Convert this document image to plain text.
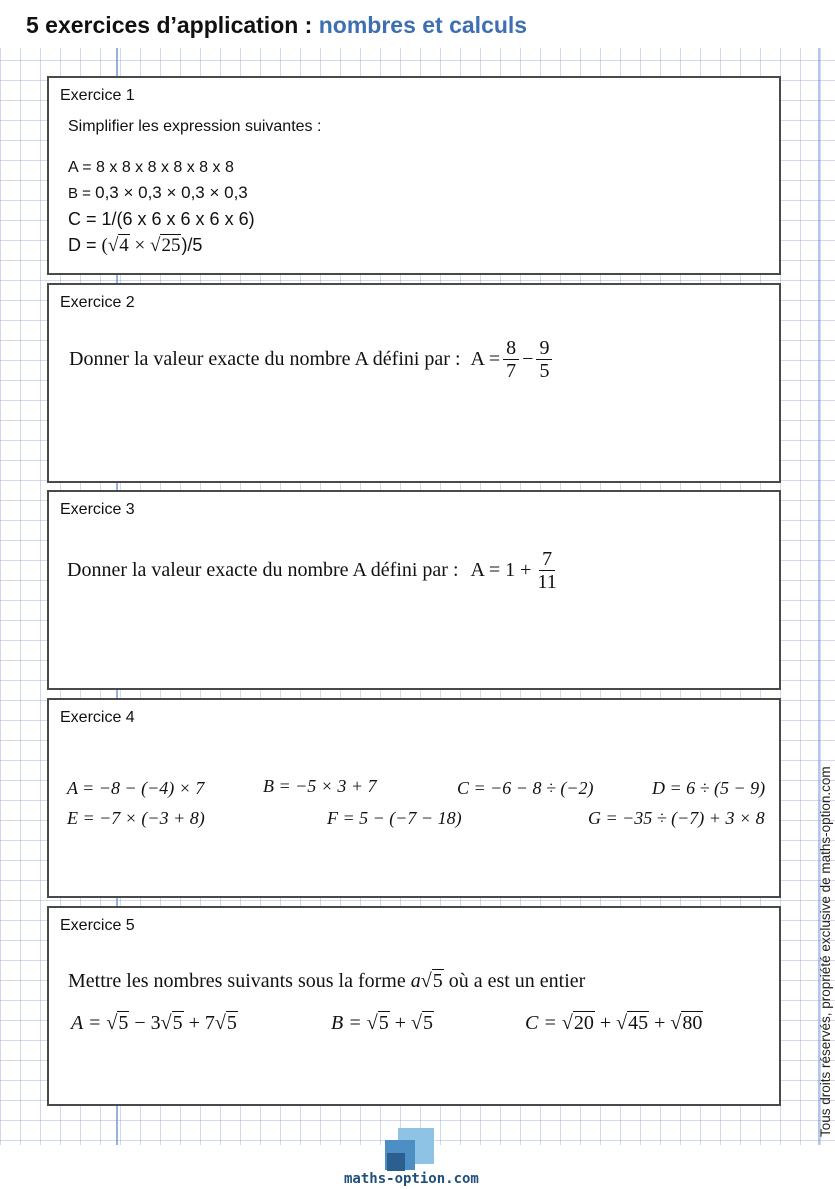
5 exercices d’application : nombres et calculs
Exercice 1
Simplifier les expression suivantes :
A = 8 x 8 x 8 x 8 x 8 x 8
B = 0,3 × 0,3 × 0,3 × 0,3
C = 1/(6 x 6 x 6 x 6 x 6)
D = (√4 × √25)/5
Exercice 2
Donner la valeur exacte du nombre A défini par : $A = \frac{8}{7} - \frac{9}{5}$
Exercice 3
Donner la valeur exacte du nombre A défini par : $A = 1 + \frac{7}{11}$
Exercice 4
A = −8 − (−4) × 7	B = −5 × 3 + 7	C = −6 − 8 ÷ (−2)	D = 6 ÷ (5 − 9)
E = −7 × (−3 + 8)	F = 5 − (−7 − 18)	G = −35 ÷ (−7) + 3 × 8
Exercice 5
Mettre les nombres suivants sous la forme a√5 où a est un entier
A = √5 − 3√5 + 7√5	B = √5 + √5	C = √20 + √45 + √80	Tous droits réservés, propriété exclusive de maths-option.com
maths-option.com
